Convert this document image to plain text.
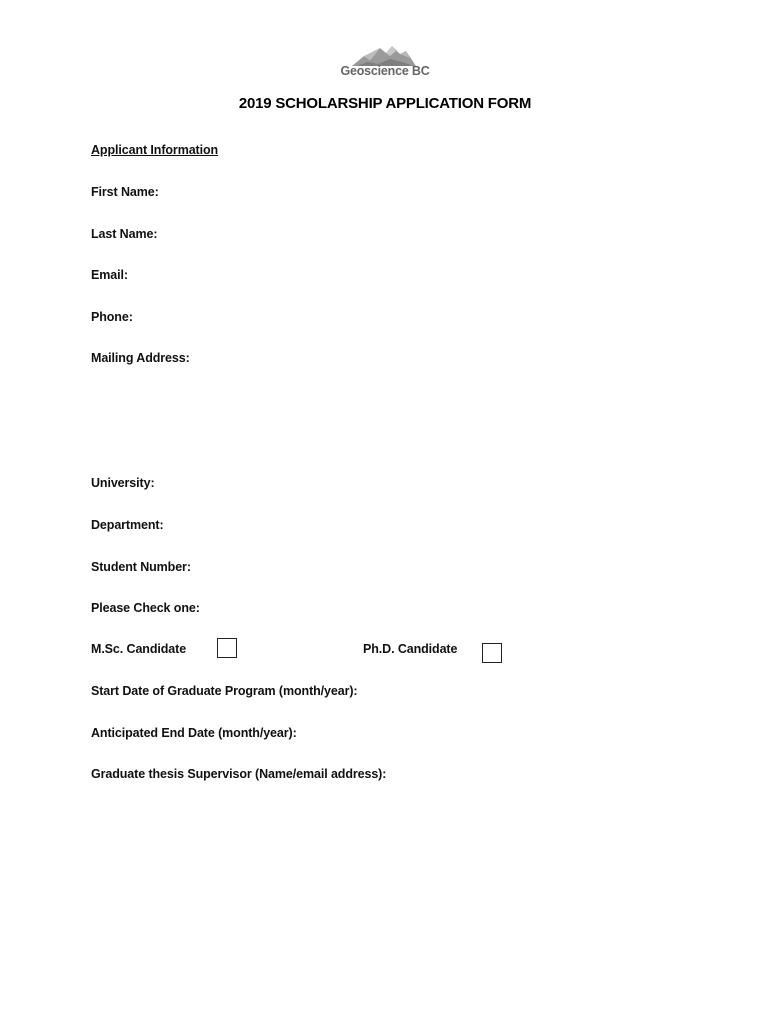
Geoscience BC
2019 SCHOLARSHIP APPLICATION FORM
Applicant Information
First Name:
Last Name:
Email:
Phone:
Mailing Address:
University:
Department:
Student Number:
Please Check one:
M.Sc. Candidate	Ph.D. Candidate
Start Date of Graduate Program (month/year):
Anticipated End Date (month/year):
Graduate thesis Supervisor (Name/email address):
